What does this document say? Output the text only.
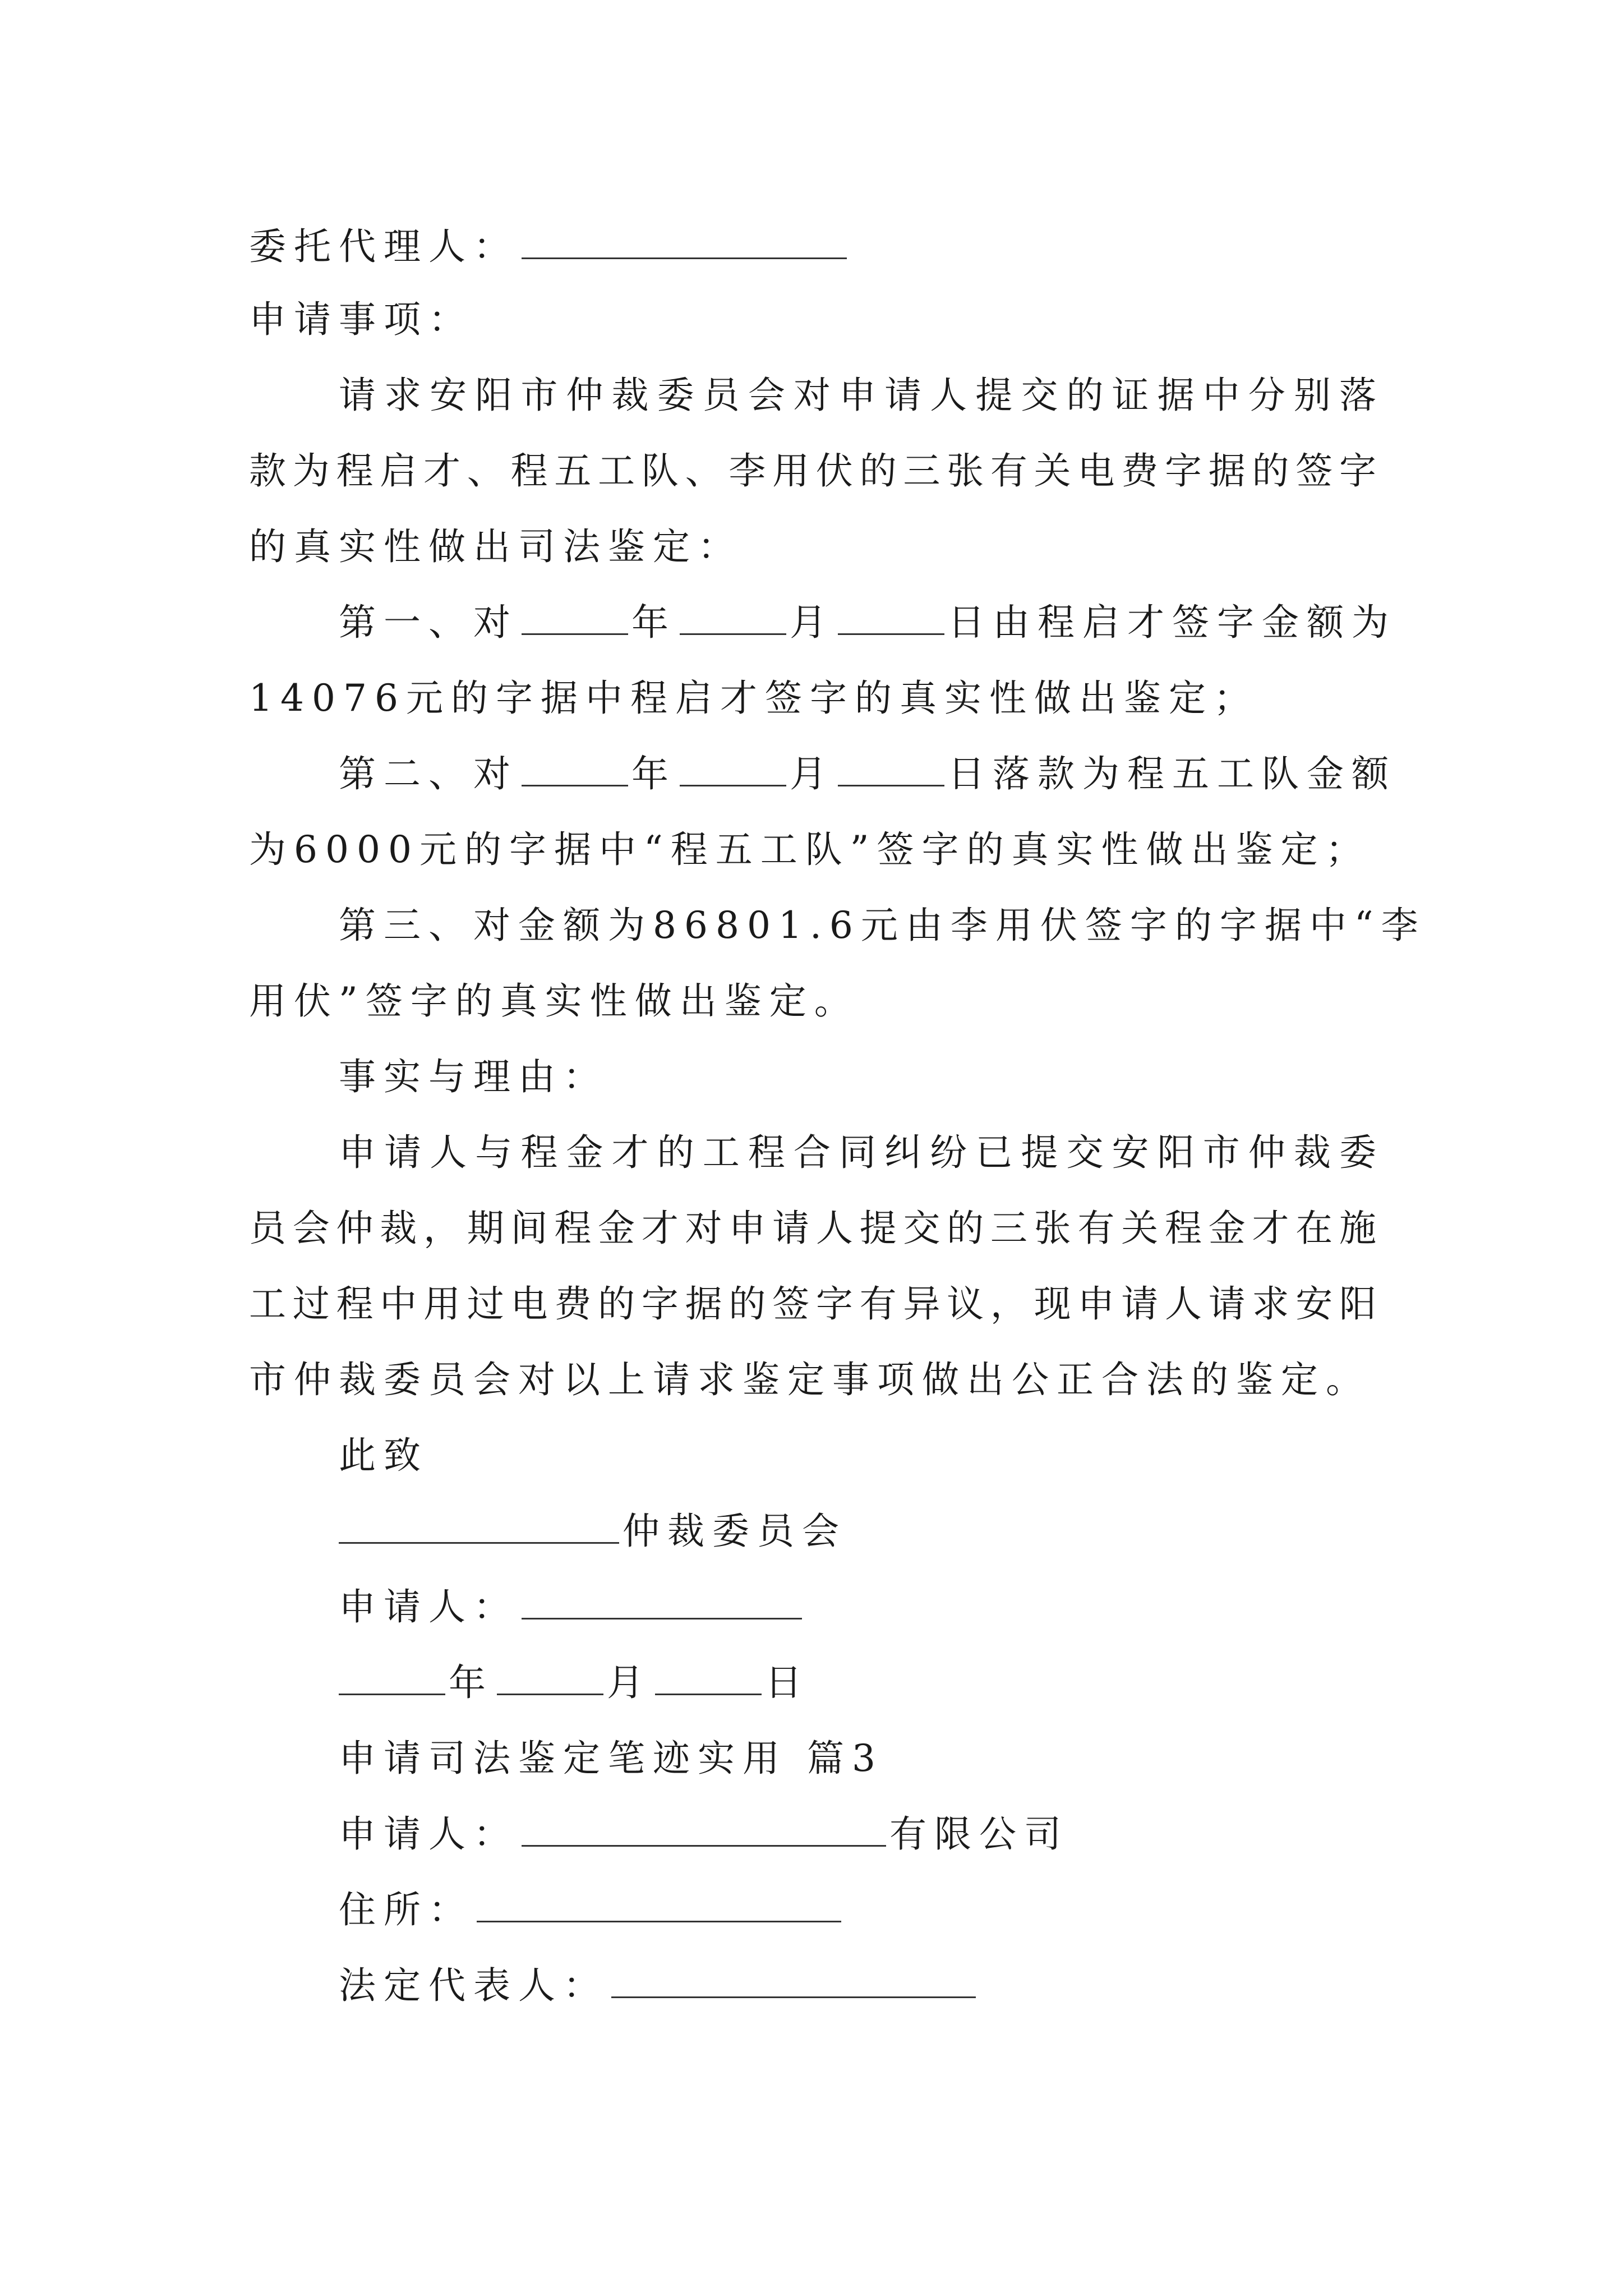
委托代理人：
申请事项：
请求安阳市仲裁委员会对申请人提交的证据中分别落
款为程启才、程五工队、李用伏的三张有关电费字据的签字
的真实性做出司法鉴定：
第一、对	年	月	日由程启才签字金额为
14076元的字据中程启才签字的真实性做出鉴定；
第二、对	年	月	日落款为程五工队金额
为6000元的字据中“程五工队”签字的真实性做出鉴定；
第三、对金额为86801.6元由李用伏签字的字据中“李
用伏”签字的真实性做出鉴定。
事实与理由：
申请人与程金才的工程合同纠纷已提交安阳市仲裁委
员会仲裁，期间程金才对申请人提交的三张有关程金才在施
工过程中用过电费的字据的签字有异议，现申请人请求安阳
市仲裁委员会对以上请求鉴定事项做出公正合法的鉴定。
此致
仲裁委员会
申请人：
年	月	日
申请司法鉴定笔迹实用 篇3
申请人：	有限公司
住所：
法定代表人：
